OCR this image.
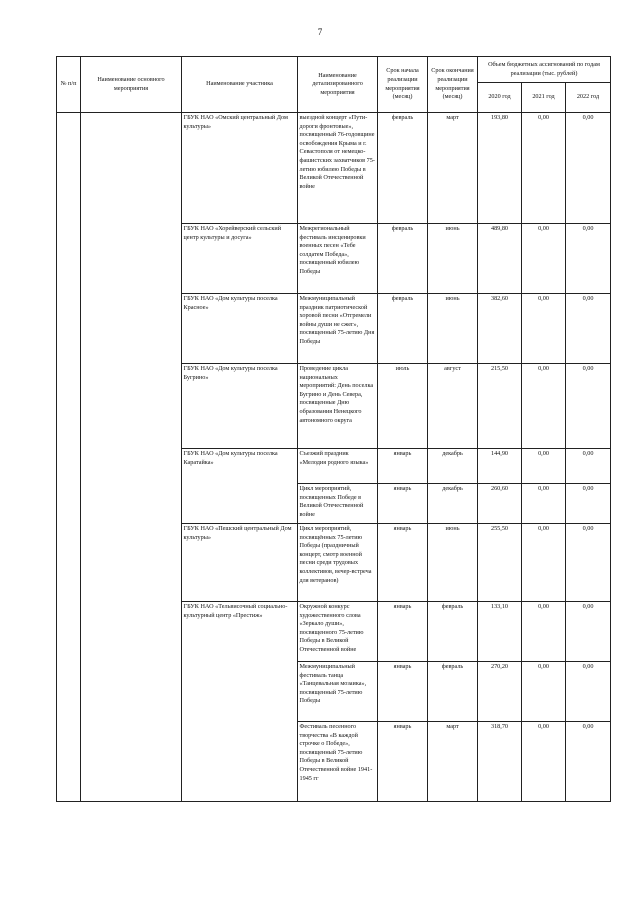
7
№ п/п	Наименование основного мероприятия	Наименование участника	Наименование детализированного мероприятия	Срок начала реализации мероприятия (месяц)	Срок окончания реализации мероприятия (месяц)	Объем бюджетных ассигнований по годам реализации (тыс. рублей)		
						2020 год	2021 год	2022 год
		ГБУК НАО «Омский центральный Дом культуры»	выездной концерт «Пути-дороги фронтовые», посвященный 76-годовщине освобождения Крыма и г. Севастополя от немецко-фашистских захватчиков 75-летию юбилею Победы в Великой Отечественной войне	февраль	март	193,80	0,00	0,00
		ГБУК НАО «Хорейверский сельский центр культуры и досуга»	Межрегиональный фестиваль инсценировки военных песен «Тебе солдатем Победа», посвященный юбилею Победы	февраль	июнь	489,80	0,00	0,00
		ГБУК НАО «Дом культуры поселка Красное»	Межмуниципальный праздник патриотической хоровой песни «Отгремели войны души не сжег», посвященный 75-летию Дня Победы	февраль	июнь	382,60	0,00	0,00
		ГБУК НАО «Дом культуры поселка Бугрино»	Проведение цикла национальных мероприятий: День поселка Бугрино и День Севера, посвященные Дню образования Ненецкого автономного округа	июль	август	215,50	0,00	0,00
		ГБУК НАО «Дом культуры поселка Каратайка»	Съезжий праздник «Мелодия родного языка»	январь	декабрь	144,90	0,00	0,00
			Цикл мероприятий, посвященных Победе в Великой Отечественной войне	январь	декабрь	260,60	0,00	0,00
		ГБУК НАО «Пешский центральный Дом культуры»	Цикл мероприятий, посвящённых 75-летию Победы (праздничный концерт, смотр военной песни среди трудовых коллективов, вечер-встреча для ветеранов)	январь	июнь	255,50	0,00	0,00
		ГБУК НАО «Тельвисочный социально-культурный центр «Престиж»	Окружной конкурс художественного слова «Зеркало души», посвященного 75-летию Победы в Великой Отечественной войне	январь	февраль	133,10	0,00	0,00
			Межмуниципальный фестиваль танца «Танцевальная мозаика», посвященный 75-летию Победы	январь	февраль	270,20	0,00	0,00
			Фестиваль песенного творчества «В каждой строчке о Победе», посвященный 75-летию Победы в Великой Отечественной войне 1941-1945 гг	январь	март	318,70	0,00	0,00
